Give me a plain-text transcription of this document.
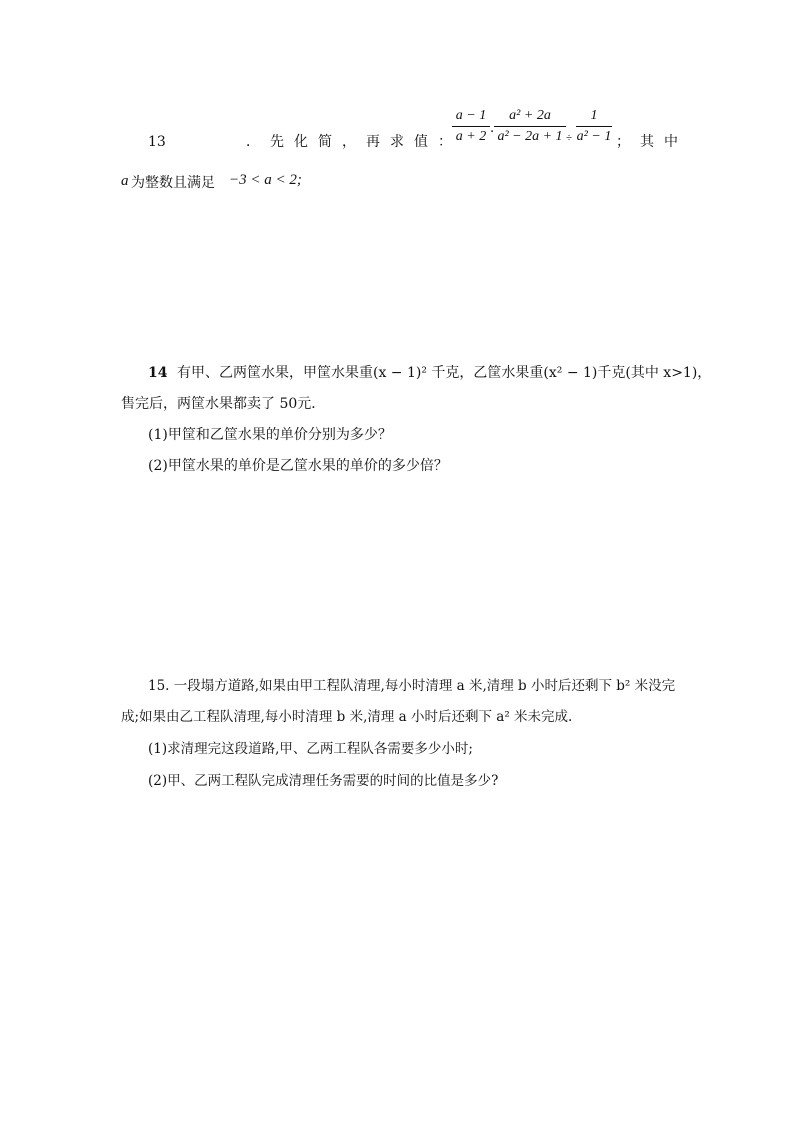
13	．先化简，再求值：
a − 1
a + 2 ·
a² + 2a
a² − 2a + 1 ÷
1
a² − 1 ；其中
a 为整数且满足 −3 < a < 2;
14
．有甲、乙两筐水果，甲筐水果重(x − 1)² 千克，乙筐水果重(x² − 1)千克(其中 x>1)，
售完后，两筐水果都卖了 50元．
(1)甲筐和乙筐水果的单价分别为多少？
(2)甲筐水果的单价是乙筐水果的单价的多少倍？
15. 一段塌方道路,如果由甲工程队清理,每小时清理 a 米,清理 b 小时后还剩下 b² 米没完
成;如果由乙工程队清理,每小时清理 b 米,清理 a 小时后还剩下 a² 米未完成.
(1)求清理完这段道路,甲、乙两工程队各需要多少小时;
(2)甲、乙两工程队完成清理任务需要的时间的比值是多少?
